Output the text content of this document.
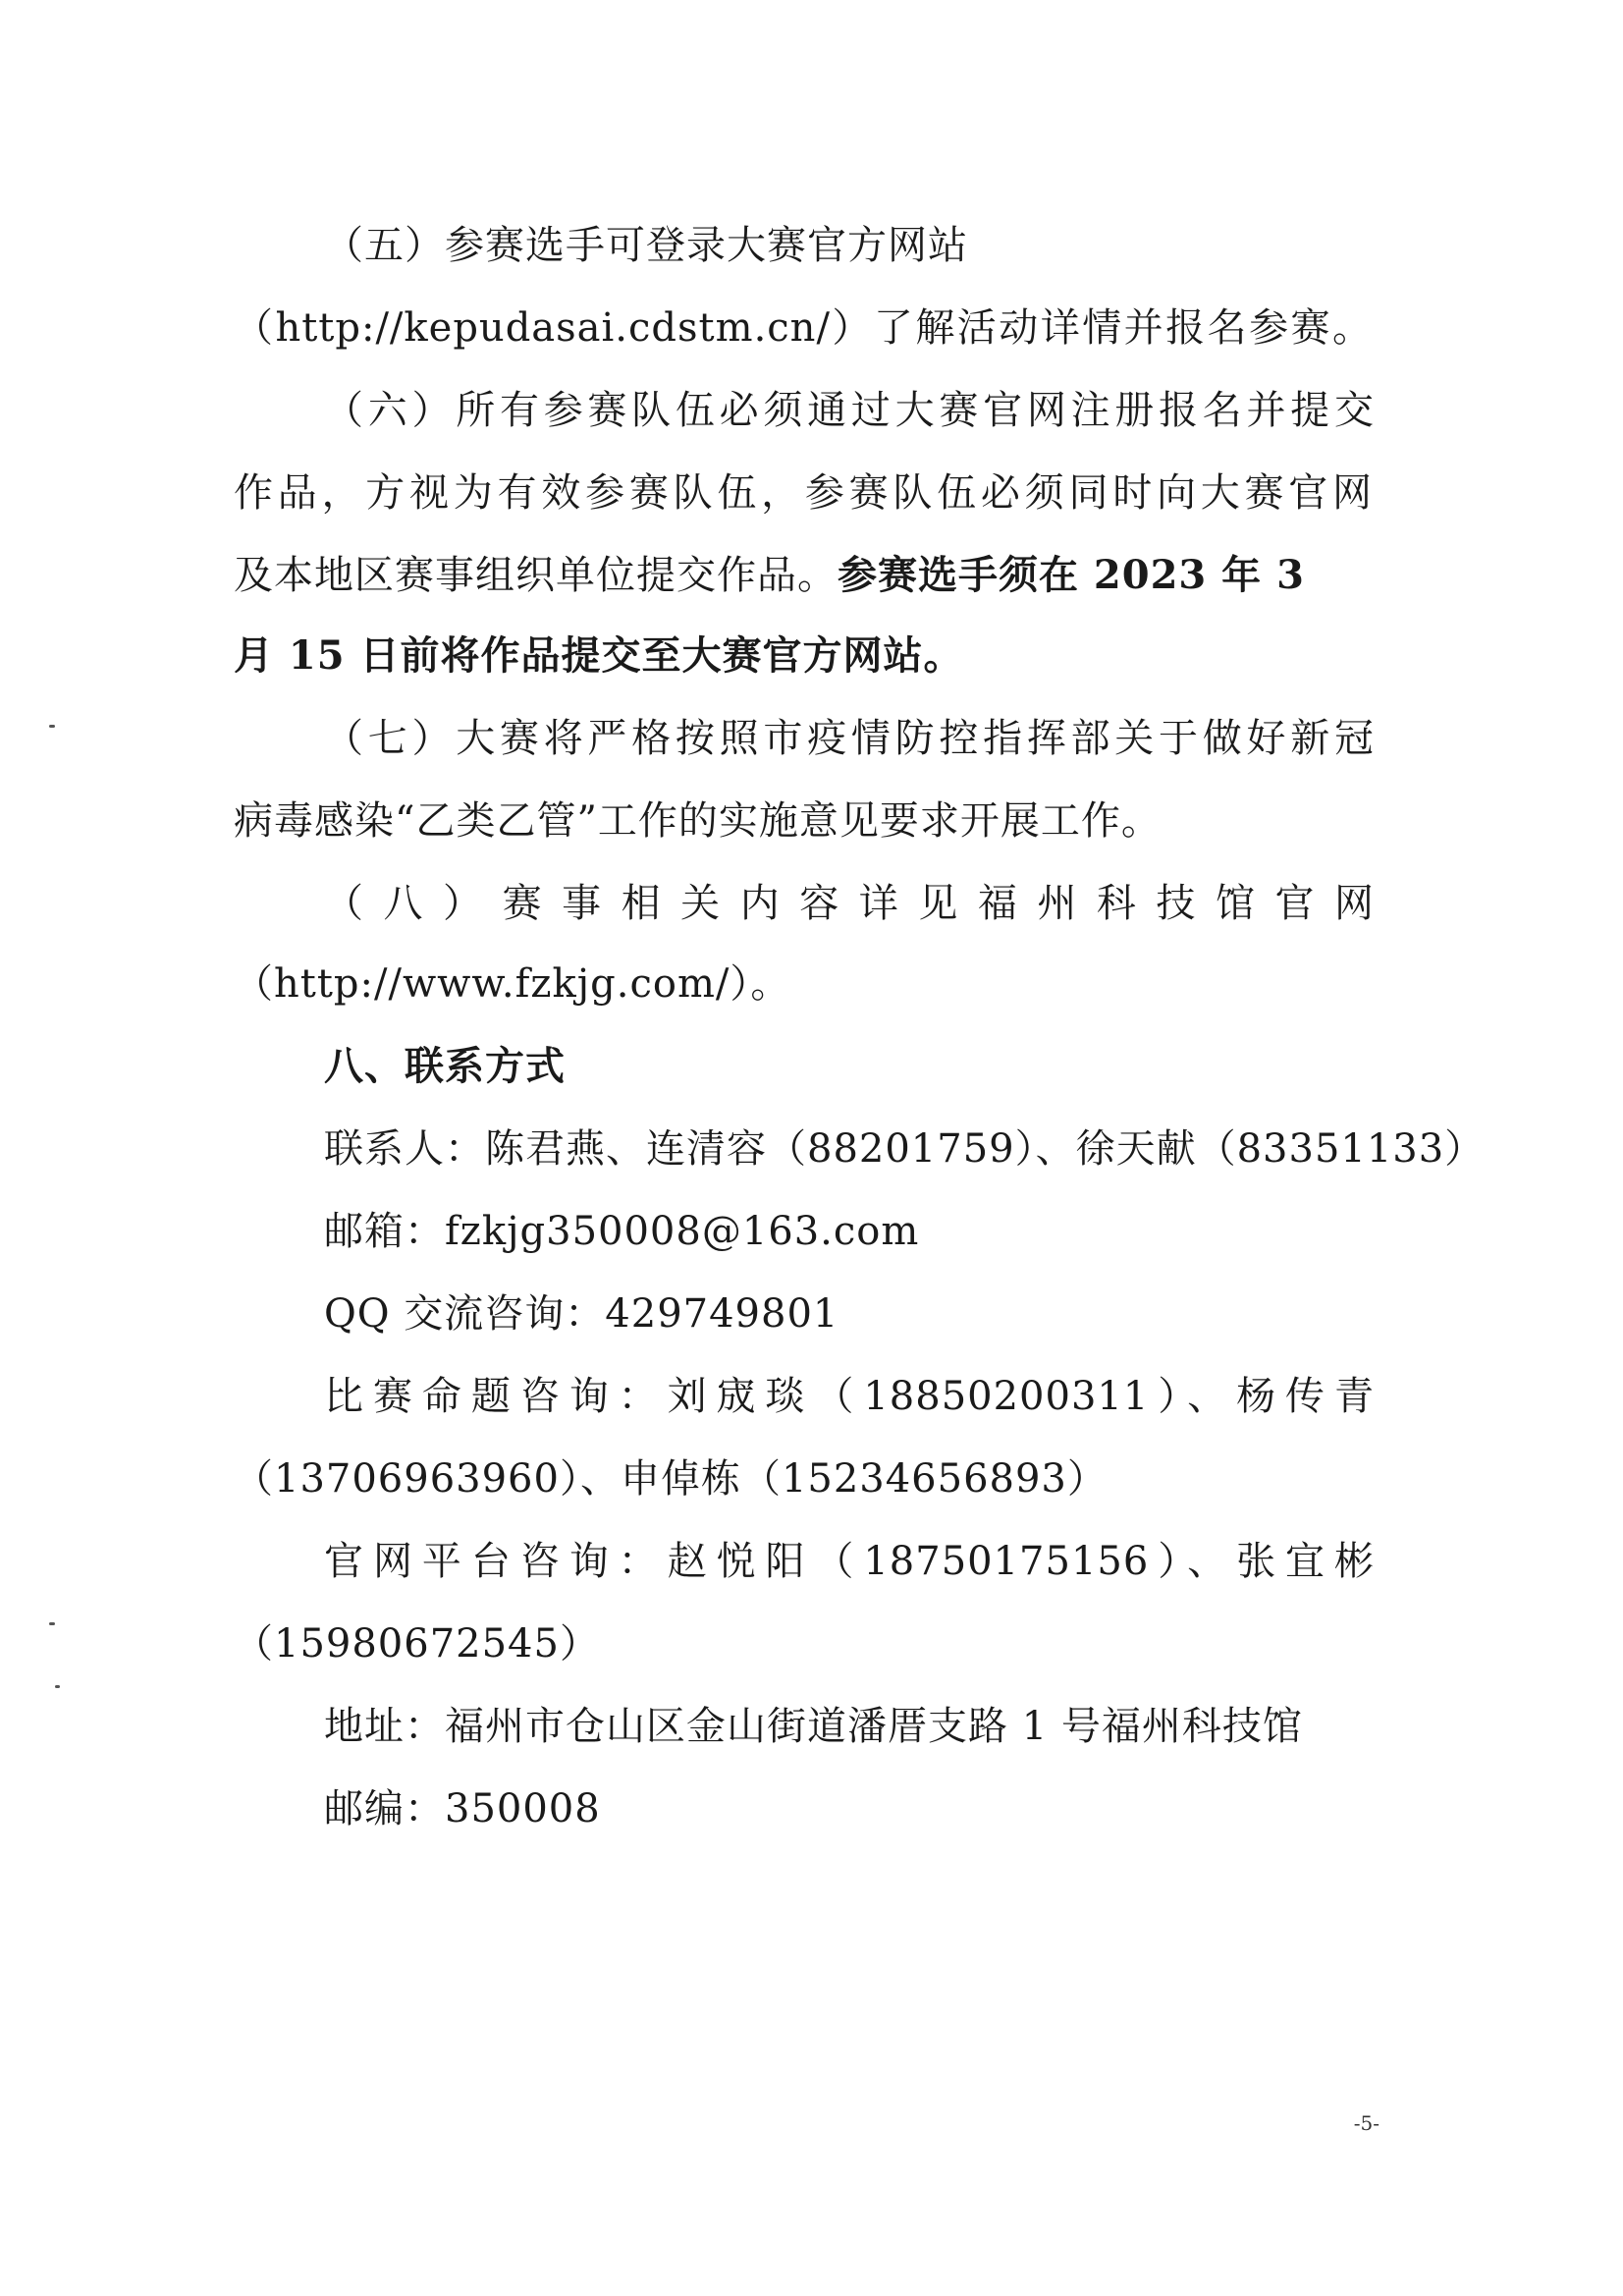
（五）参赛选手可登录大赛官方网站
（http://kepudasai.cdstm.cn/）了解活动详情并报名参赛。
（六）所有参赛队伍必须通过大赛官网注册报名并提交
作品，方视为有效参赛队伍，参赛队伍必须同时向大赛官网
及本地区赛事组织单位提交作品。参赛选手须在 2023 年 3
月 15 日前将作品提交至大赛官方网站。
（七）大赛将严格按照市疫情防控指挥部关于做好新冠
病毒感染“乙类乙管”工作的实施意见要求开展工作。
（八）赛事相关内容详见福州科技馆官网
（http://www.fzkjg.com/）。
八、联系方式
联系人：陈君燕、连清容（88201759）、徐天献（83351133）
邮箱：fzkjg350008@163.com
QQ 交流咨询：429749801
比赛命题咨询：刘宬琰（18850200311）、杨传青
（13706963960）、申倬栋（15234656893）
官网平台咨询：赵悦阳（18750175156）、张宜彬
（15980672545）
地址：福州市仓山区金山街道潘厝支路 1 号福州科技馆
邮编：350008
-5-
